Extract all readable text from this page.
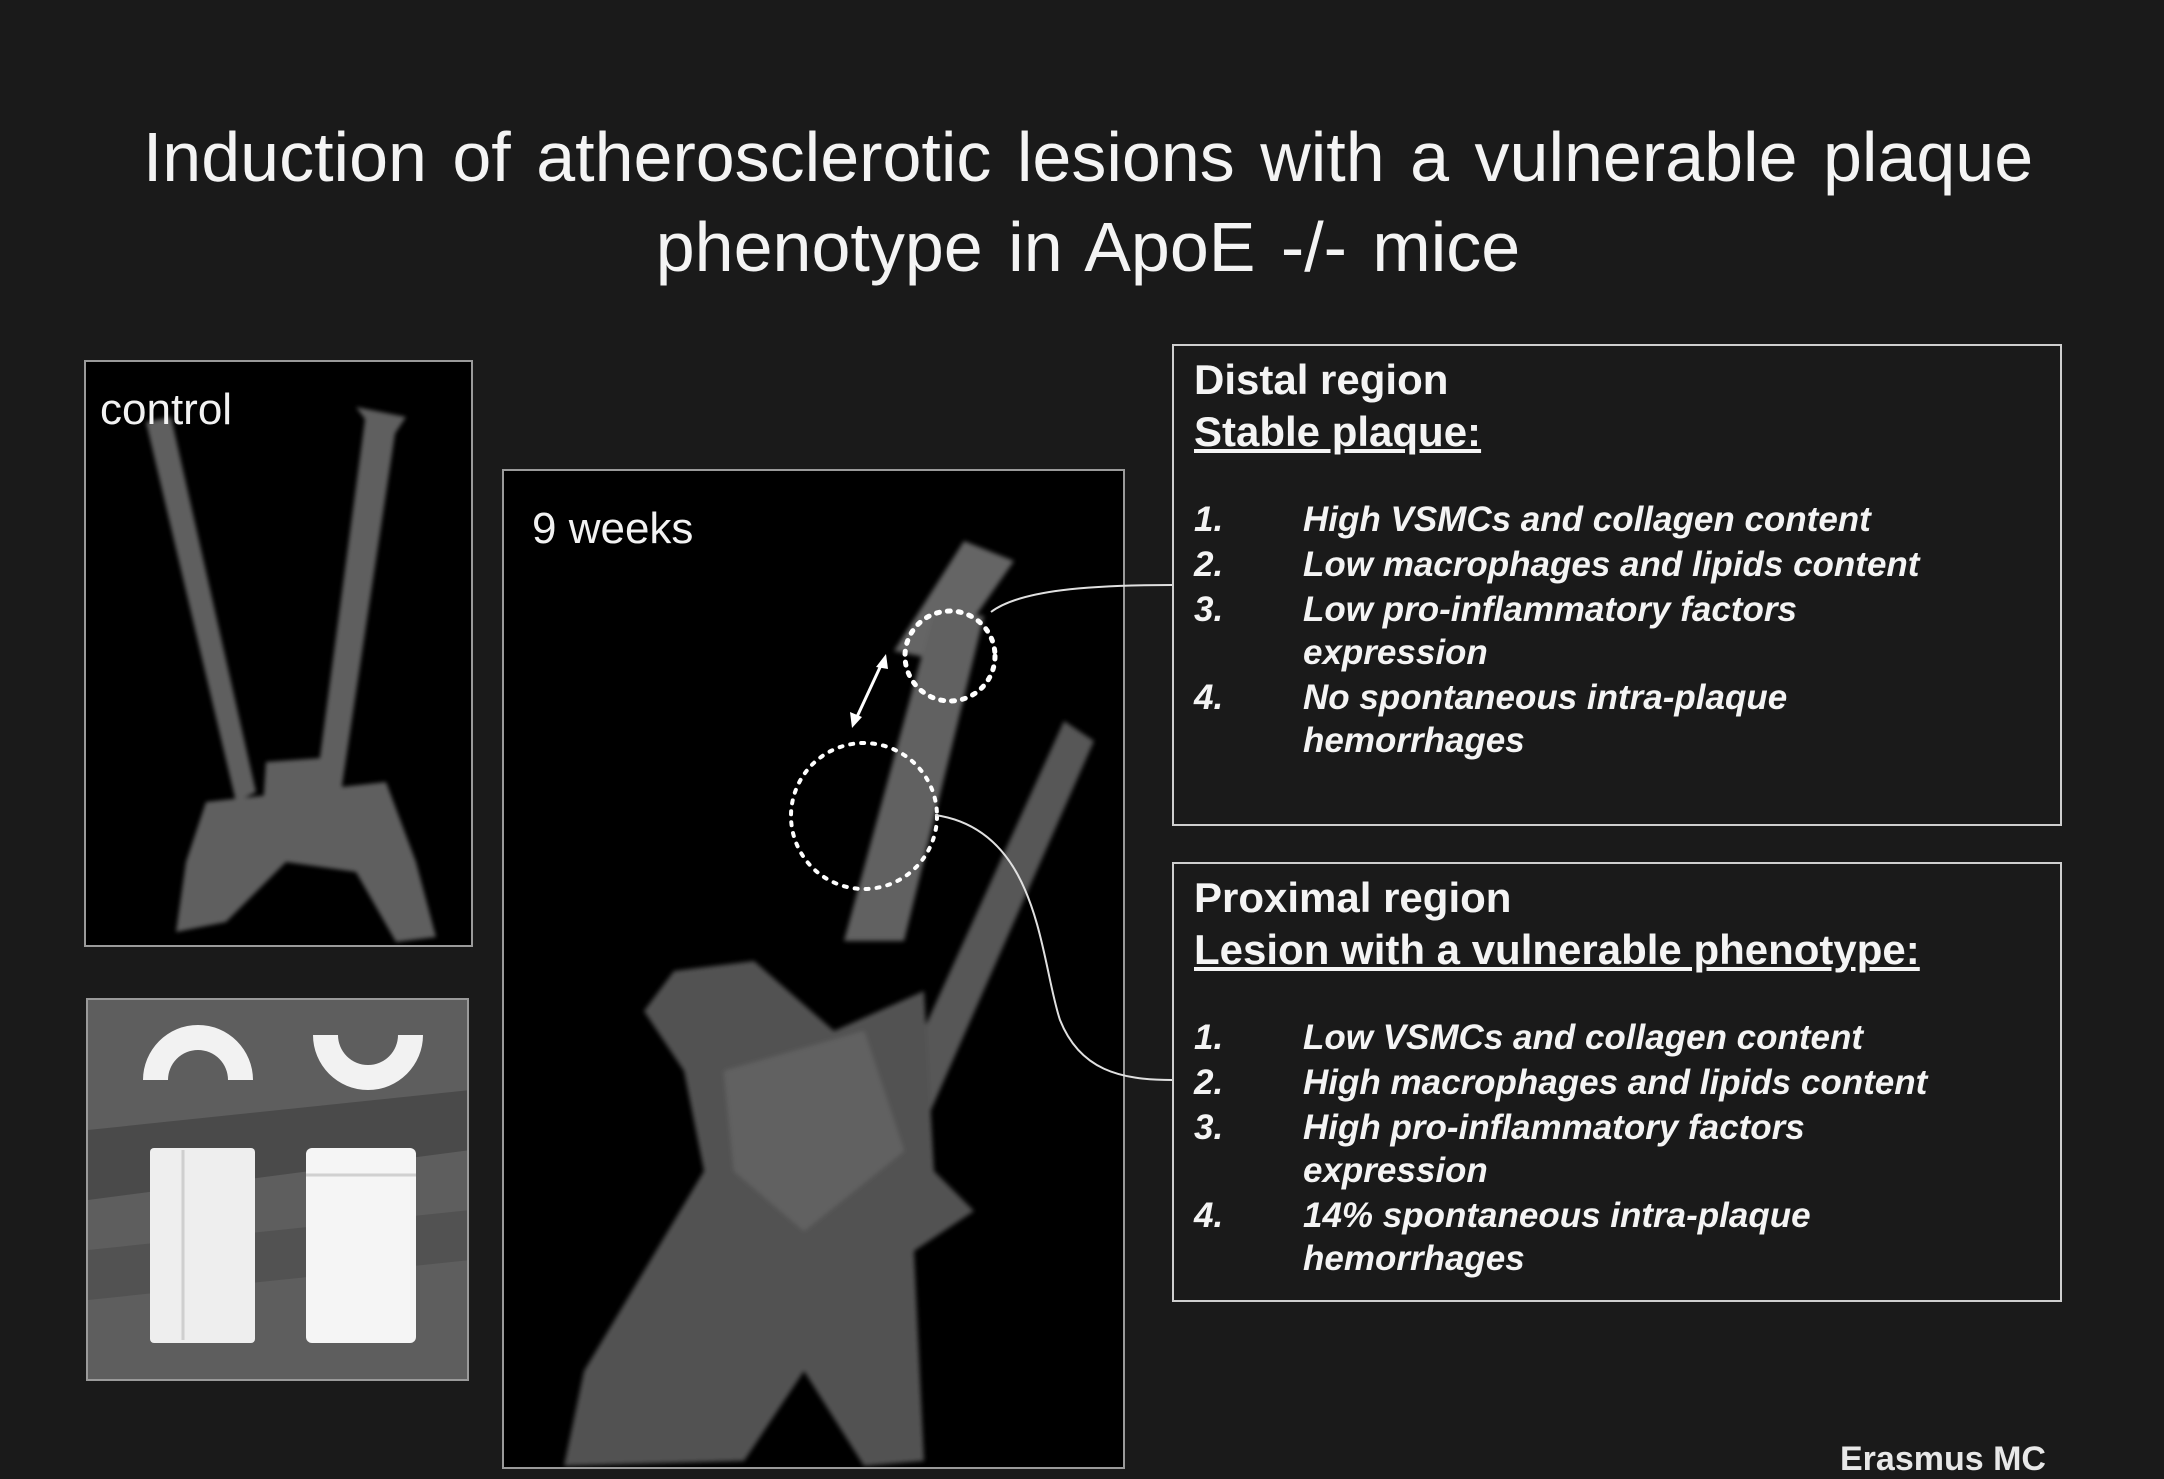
Induction of atherosclerotic lesions with a vulnerable plaque phenotype in ApoE -/- mice
control
9 weeks
Distal region
Stable plaque:
1.	High VSMCs and collagen content
2.	Low macrophages and lipids content
3.	Low pro-inflammatory factors expression
4.	No spontaneous intra-plaque hemorrhages
Proximal region
Lesion with a vulnerable phenotype:
1.	Low VSMCs and collagen content
2.	High macrophages and lipids content
3.	High pro-inflammatory factors expression
4.	14% spontaneous intra-plaque hemorrhages
Erasmus MC
